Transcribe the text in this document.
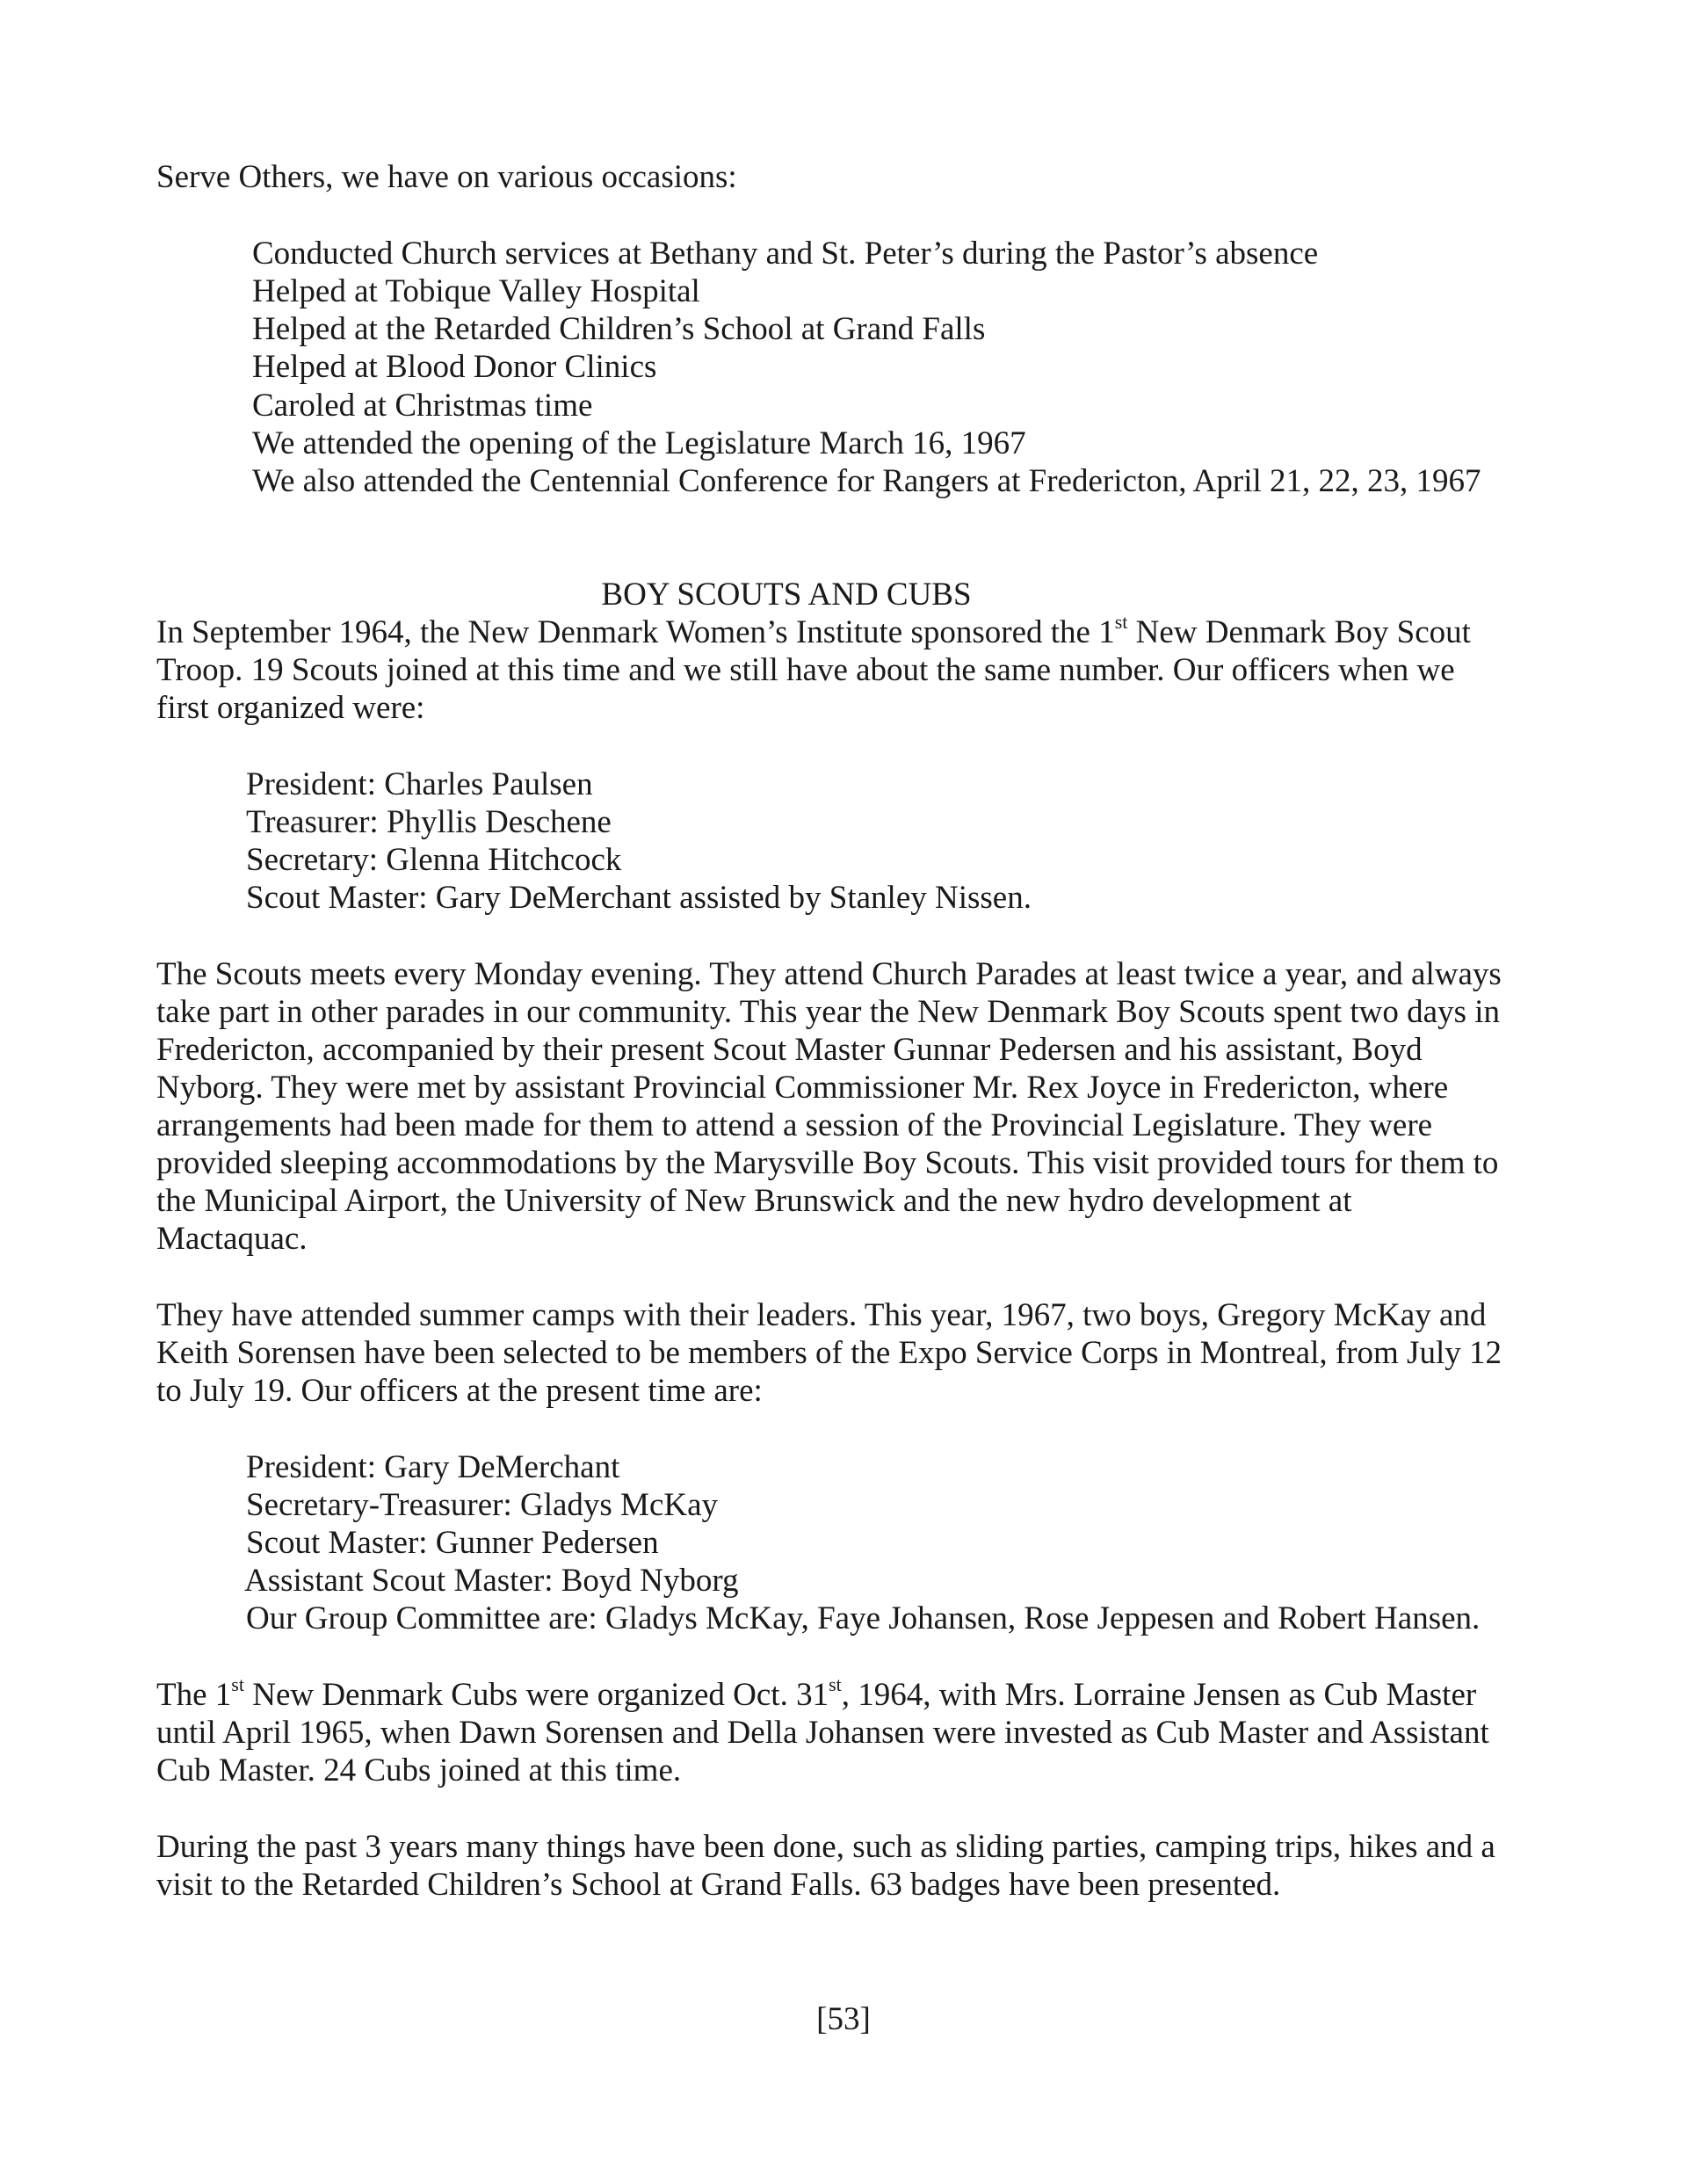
Serve Others, we have on various occasions:
Conducted Church services at Bethany and St. Peter’s during the Pastor’s absence
Helped at Tobique Valley Hospital
Helped at the Retarded Children’s School at Grand Falls
Helped at Blood Donor Clinics
Caroled at Christmas time
We attended the opening of the Legislature March 16, 1967
We also attended the Centennial Conference for Rangers at Fredericton, April 21, 22, 23, 1967
BOY SCOUTS AND CUBS
In September 1964, the New Denmark Women’s Institute sponsored the 1st New Denmark Boy Scout
Troop. 19 Scouts joined at this time and we still have about the same number. Our officers when we
first organized were:
President: Charles Paulsen
Treasurer: Phyllis Deschene
Secretary: Glenna Hitchcock
Scout Master: Gary DeMerchant assisted by Stanley Nissen.
The Scouts meets every Monday evening. They attend Church Parades at least twice a year, and always
take part in other parades in our community. This year the New Denmark Boy Scouts spent two days in
Fredericton, accompanied by their present Scout Master Gunnar Pedersen and his assistant, Boyd
Nyborg. They were met by assistant Provincial Commissioner Mr. Rex Joyce in Fredericton, where
arrangements had been made for them to attend a session of the Provincial Legislature. They were
provided sleeping accommodations by the Marysville Boy Scouts. This visit provided tours for them to
the Municipal Airport, the University of New Brunswick and the new hydro development at
Mactaquac.
They have attended summer camps with their leaders. This year, 1967, two boys, Gregory McKay and
Keith Sorensen have been selected to be members of the Expo Service Corps in Montreal, from July 12
to July 19. Our officers at the present time are:
President: Gary DeMerchant
Secretary-Treasurer: Gladys McKay
Scout Master: Gunner Pedersen
Assistant Scout Master: Boyd Nyborg
Our Group Committee are: Gladys McKay, Faye Johansen, Rose Jeppesen and Robert Hansen.
The 1st New Denmark Cubs were organized Oct. 31st, 1964, with Mrs. Lorraine Jensen as Cub Master
until April 1965, when Dawn Sorensen and Della Johansen were invested as Cub Master and Assistant
Cub Master. 24 Cubs joined at this time.
During the past 3 years many things have been done, such as sliding parties, camping trips, hikes and a
visit to the Retarded Children’s School at Grand Falls. 63 badges have been presented.
[53]
